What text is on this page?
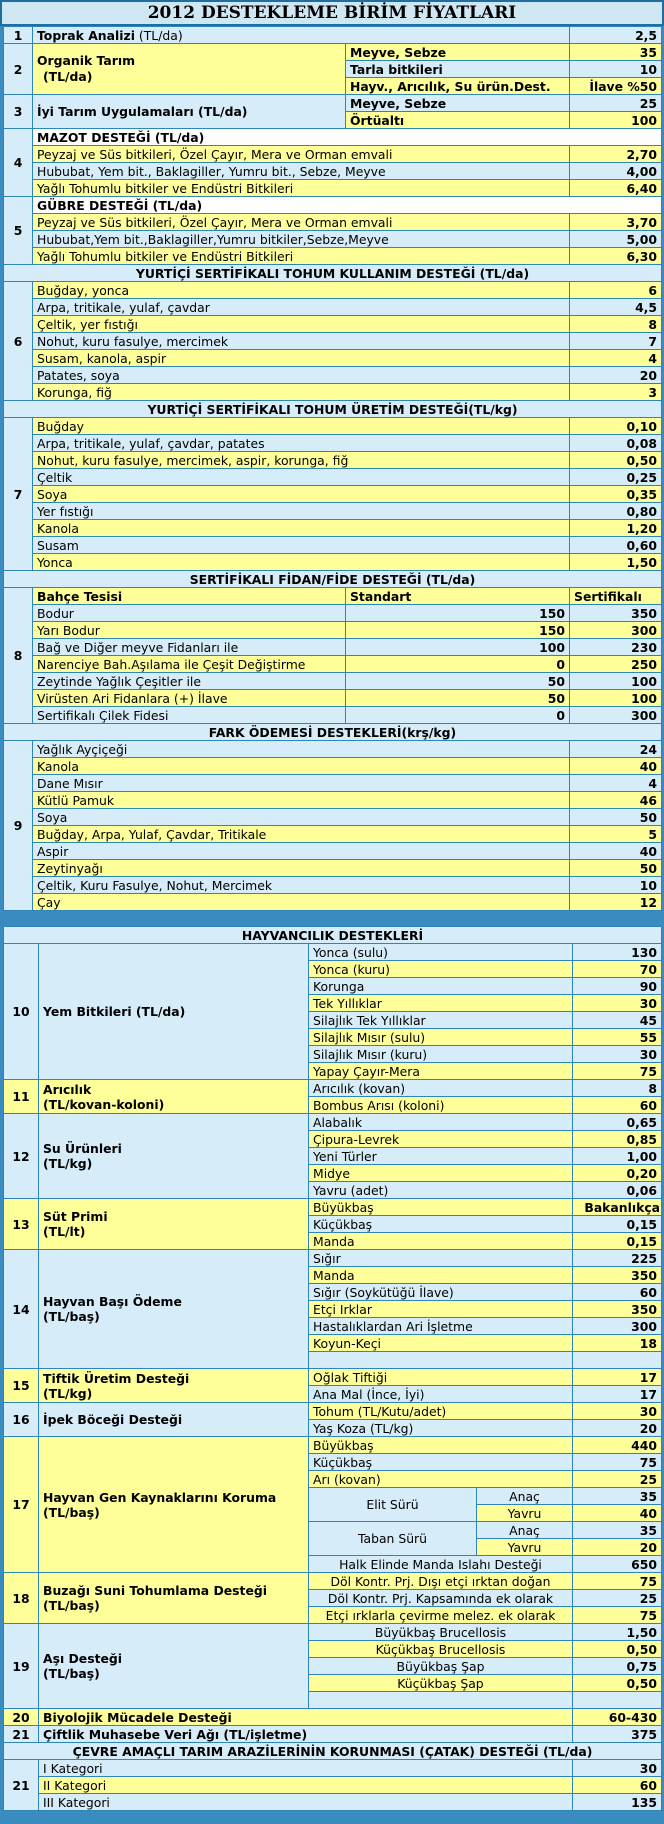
2012 DESTEKLEME BİRİM FİYATLARI
1	Toprak Analizi (TL/da)		2,5
2	Organik Tarım
(TL/da)	Meyve, Sebze	35
		Tarla bitkileri	10
		Hayv., Arıcılık, Su ürün.Dest.	İlave %50
3	İyi Tarım Uygulamaları (TL/da)	Meyve, Sebze	25
		Örtüaltı	100
4	MAZOT DESTEĞİ (TL/da)		
	Peyzaj ve Süs bitkileri, Özel Çayır, Mera ve Orman emvali		2,70
	Hububat, Yem bit., Baklagiller, Yumru bit., Sebze, Meyve		4,00
	Yağlı Tohumlu bitkiler ve Endüstri Bitkileri		6,40
5	GÜBRE DESTEĞİ (TL/da)		
	Peyzaj ve Süs bitkileri, Özel Çayır, Mera ve Orman emvali		3,70
	Hububat,Yem bit.,Baklagiller,Yumru bitkiler,Sebze,Meyve		5,00
	Yağlı Tohumlu bitkiler ve Endüstri Bitkileri		6,30
YURTİÇİ SERTİFİKALI TOHUM KULLANIM DESTEĞİ (TL/da)			
6	Buğday, yonca		6
	Arpa, tritikale, yulaf, çavdar		4,5
	Çeltik, yer fıstığı		8
	Nohut, kuru fasulye, mercimek		7
	Susam, kanola, aspir		4
	Patates, soya		20
	Korunga, fiğ		3
YURTİÇİ SERTİFİKALI TOHUM ÜRETİM DESTEĞİ(TL/kg)			
7	Buğday		0,10
	Arpa, tritikale, yulaf, çavdar, patates		0,08
	Nohut, kuru fasulye, mercimek, aspir, korunga, fiğ		0,50
	Çeltik		0,25
	Soya		0,35
	Yer fıstığı		0,80
	Kanola		1,20
	Susam		0,60
	Yonca		1,50
SERTİFİKALI FİDAN/FİDE DESTEĞİ (TL/da)			
8	Bahçe Tesisi	Standart	Sertifikalı
	Bodur	150	350
	Yarı Bodur	150	300
	Bağ ve Diğer meyve Fidanları ile	100	230
	Narenciye Bah.Aşılama ile Çeşit Değiştirme	0	250
	Zeytinde Yağlık Çeşitler ile	50	100
	Virüsten Ari Fidanlara (+) İlave	50	100
	Sertifikalı Çilek Fidesi	0	300
FARK ÖDEMESİ DESTEKLERİ(krş/kg)			
9	Yağlık Ayçiçeği		24
	Kanola		40
	Dane Mısır		4
	Kütlü Pamuk		46
	Soya		50
	Buğday, Arpa, Yulaf, Çavdar, Tritikale		5
	Aspir		40
	Zeytinyağı		50
	Çeltik, Kuru Fasulye, Nohut, Mercimek		10
	Çay		12
HAYVANCILIK DESTEKLERİ				
10	Yem Bitkileri (TL/da)	Yonca (sulu)		130
		Yonca (kuru)		70
		Korunga		90
		Tek Yıllıklar		30
		Silajlık Tek Yıllıklar		45
		Silajlık Mısır (sulu)		55
		Silajlık Mısır (kuru)		30
		Yapay Çayır-Mera		75
11	Arıcılık
(TL/kovan-koloni)	Arıcılık (kovan)		8
		Bombus Arısı (koloni)		60
12	Su Ürünleri
(TL/kg)	Alabalık		0,65
		Çipura-Levrek		0,85
		Yeni Türler		1,00
		Midye		0,20
		Yavru (adet)		0,06
13	Süt Primi
(TL/lt)	Büyükbaş		Bakanlıkça
		Küçükbaş		0,15
		Manda		0,15
14	Hayvan Başı Ödeme
(TL/baş)	Sığır		225
		Manda		350
		Sığır (Soykütüğü İlave)		60
		Etçi Irklar		350
		Hastalıklardan Ari İşletme		300
		Koyun-Keçi		18

15	Tiftik Üretim Desteği
(TL/kg)	Oğlak Tiftiği		17
		Ana Mal (İnce, İyi)		17
16	İpek Böceği Desteği	Tohum (TL/Kutu/adet)		30
		Yaş Koza (TL/kg)		20
17	Hayvan Gen Kaynaklarını Koruma
(TL/baş)	Büyükbaş		440
		Küçükbaş		75
		Arı (kovan)		25
		Elit Sürü	Anaç	35
			Yavru	40
		Taban Sürü	Anaç	35
			Yavru	20
		Halk Elinde Manda Islahı Desteği		650
18	Buzağı Suni Tohumlama Desteği
(TL/baş)	Döl Kontr. Prj. Dışı etçi ırktan doğan		75
		Döl Kontr. Prj. Kapsamında ek olarak		25
		Etçi ırklarla çevirme melez. ek olarak		75
19	Aşı Desteği
(TL/baş)	Büyükbaş Brucellosis		1,50
		Küçükbaş Brucellosis		0,50
		Büyükbaş Şap		0,75
		Küçükbaş Şap		0,50

20	Biyolojik Mücadele Desteği			60-430
21	Çiftlik Muhasebe Veri Ağı (TL/işletme)			375
ÇEVRE AMAÇLI TARIM ARAZİLERİNİN KORUNMASI (ÇATAK) DESTEĞİ (TL/da)				
21	I Kategori			30
	II Kategori			60
	III Kategori			135
